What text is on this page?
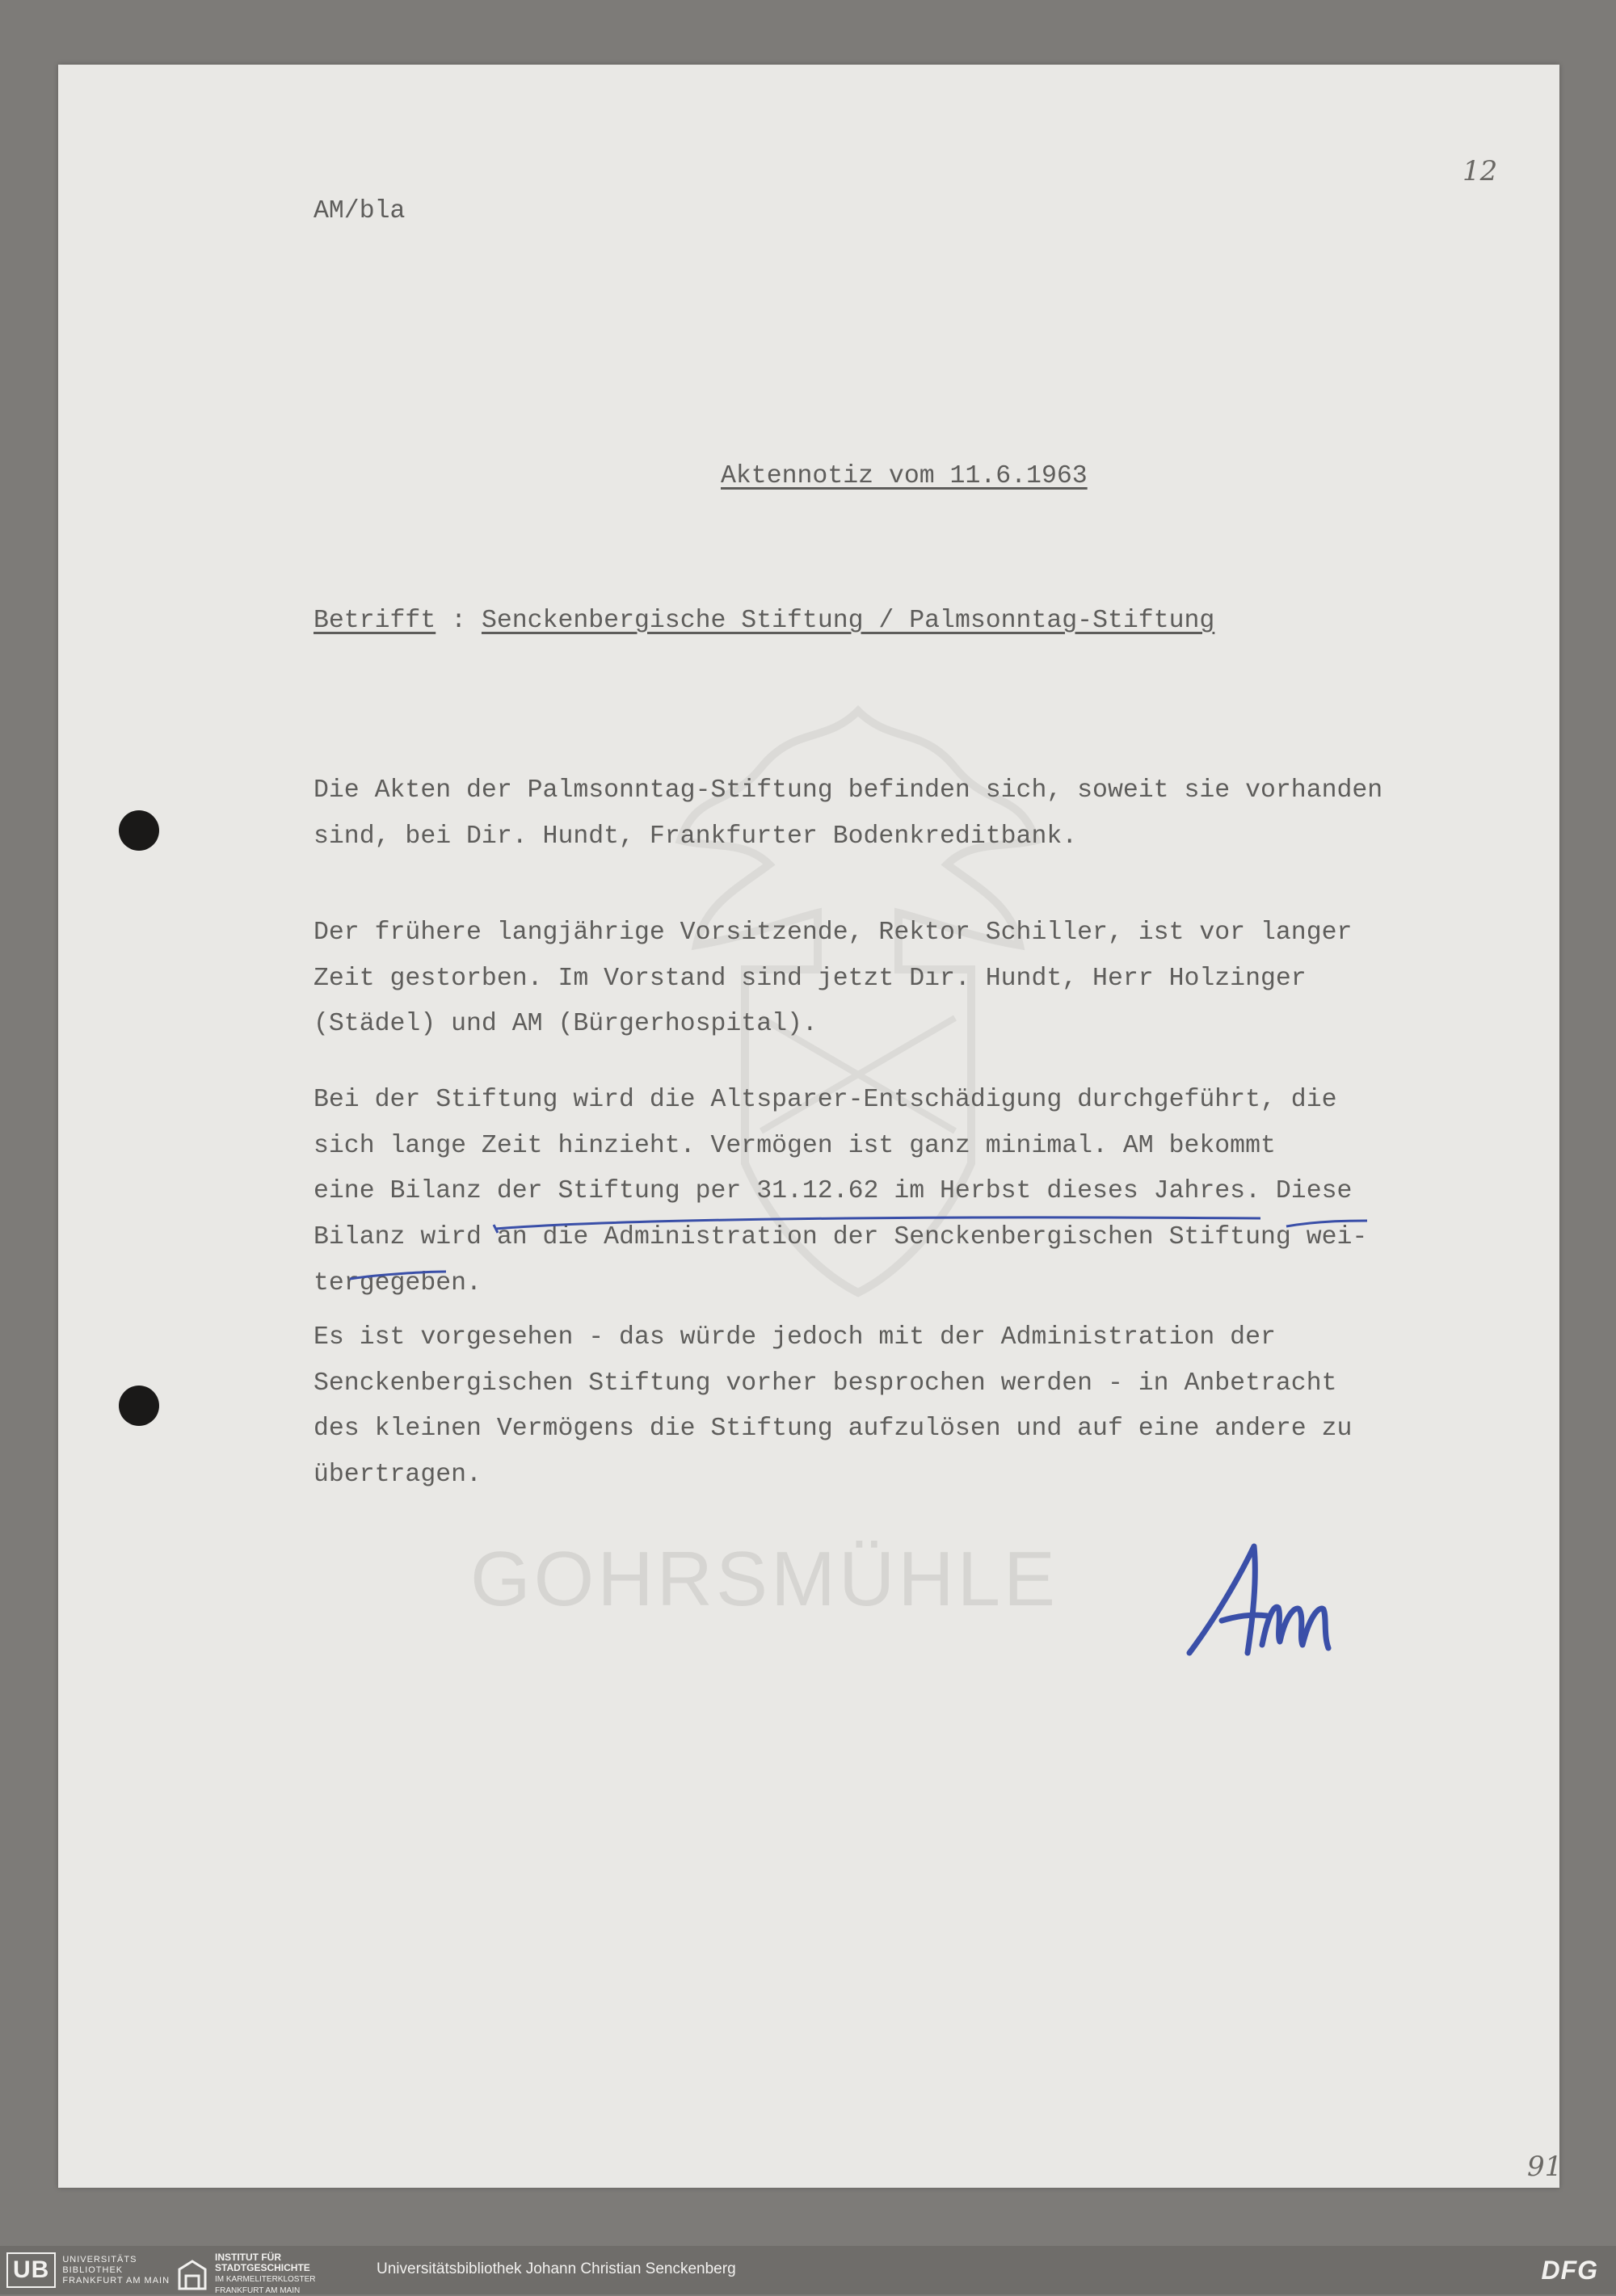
GOHRSMÜHLE
12
AM/bla
Aktennotiz vom 11.6.1963
Betrifft : Senckenbergische Stiftung / Palmsonntag-Stiftung
Die Akten der Palmsonntag-Stiftung befinden sich, soweit sie vorhanden
sind, bei Dir. Hundt, Frankfurter Bodenkreditbank.
Der frühere langjährige Vorsitzende, Rektor Schiller, ist vor langer
Zeit gestorben. Im Vorstand sind jetzt Dır. Hundt, Herr Holzinger
(Städel) und AM (Bürgerhospital).
Bei der Stiftung wird die Altsparer-Entschädigung durchgeführt, die
sich lange Zeit hinzieht. Vermögen ist ganz minimal. AM bekommt
eine Bilanz der Stiftung per 31.12.62 im Herbst dieses Jahres. Diese
Bilanz wird an die Administration der Senckenbergischen Stiftung wei-
tergegeben.
Es ist vorgesehen - das würde jedoch mit der Administration der
Senckenbergischen Stiftung vorher besprochen werden - in Anbetracht
des kleinen Vermögens die Stiftung aufzulösen und auf eine andere zu
übertragen.
91
UB	UNIVERSITÄTS
BIBLIOTHEK
FRANKFURT AM MAIN
INSTITUT FÜR
STADTGESCHICHTE
IM KARMELITERKLOSTER
FRANKFURT AM MAIN
Universitätsbibliothek Johann Christian Senckenberg	DFG
